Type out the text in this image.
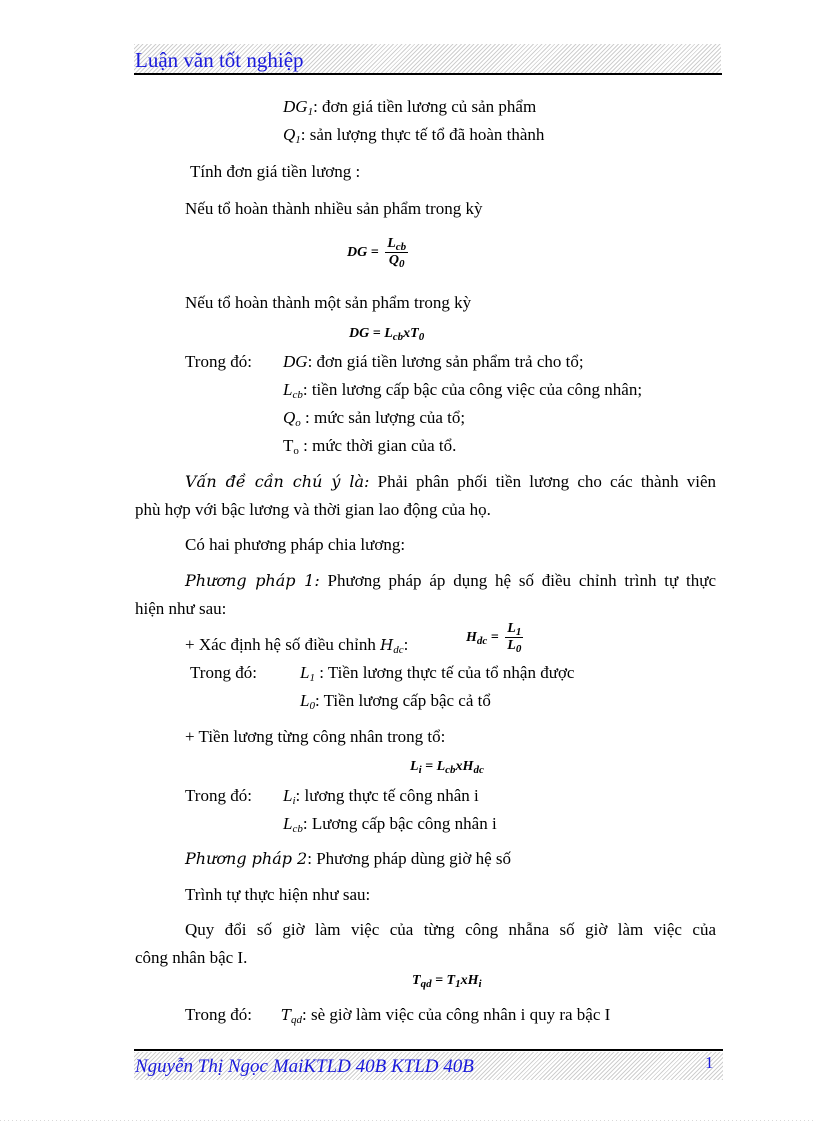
Luận văn tốt nghiệp
$DG_1$: đơn giá tiền lương củ sản phẩm
$Q_1$: sản lượng thực tế tổ đã hoàn thành
Tính đơn giá tiền lương :
Nếu tổ hoàn thành nhiều sản phẩm trong kỳ
DG = $\frac{L_{cb}}{Q_0}$
Nếu tổ hoàn thành một sản phẩm trong kỳ
DG = $L_{cb}xT_0$
Trong đó: DG: đơn giá tiền lương sản phẩm trả cho tổ;
$L_{cb}$: tiền lương cấp bậc của công việc của công nhân;
$Q_o$ : mức sản lượng của tổ;
$T_o$ : mức thời gian của tổ.
Vấn đề cần chú ý là: Phải phân phối tiền lương cho các thành viên
phù hợp với bậc lương và thời gian lao động của họ.
Có hai phương pháp chia lương:
Phương pháp 1: Phương pháp áp dụng hệ số điều chỉnh trình tự thực
hiện như sau:
+ Xác định hệ số điều chỉnh $H_{dc}$:	$H_{dc} = \frac{L_1}{L_0}$
Trong đó:	$L_1$ : Tiền lương thực tế của tổ nhận được
$L_0$: Tiền lương cấp bậc cả tổ
+ Tiền lương từng công nhân trong tổ:
$L_i = L_{cb}xH_{dc}$
Trong đó: $L_i$: lương thực tế công nhân i
$L_{cb}$: Lương cấp bậc công nhân i
Phương pháp 2: Phương pháp dùng giờ hệ số
Trình tự thực hiện như sau:
Quy đổi số giờ làm việc của từng công nhẫna số giờ làm việc của
công nhân bậc I.
$T_{qd} = T_1xH_i$
Trong đó: $T_{qd}$: sè giờ làm việc của công nhân i quy ra bậc I
Nguyễn Thị Ngọc MaiKTLD 40B KTLD 40B	1
